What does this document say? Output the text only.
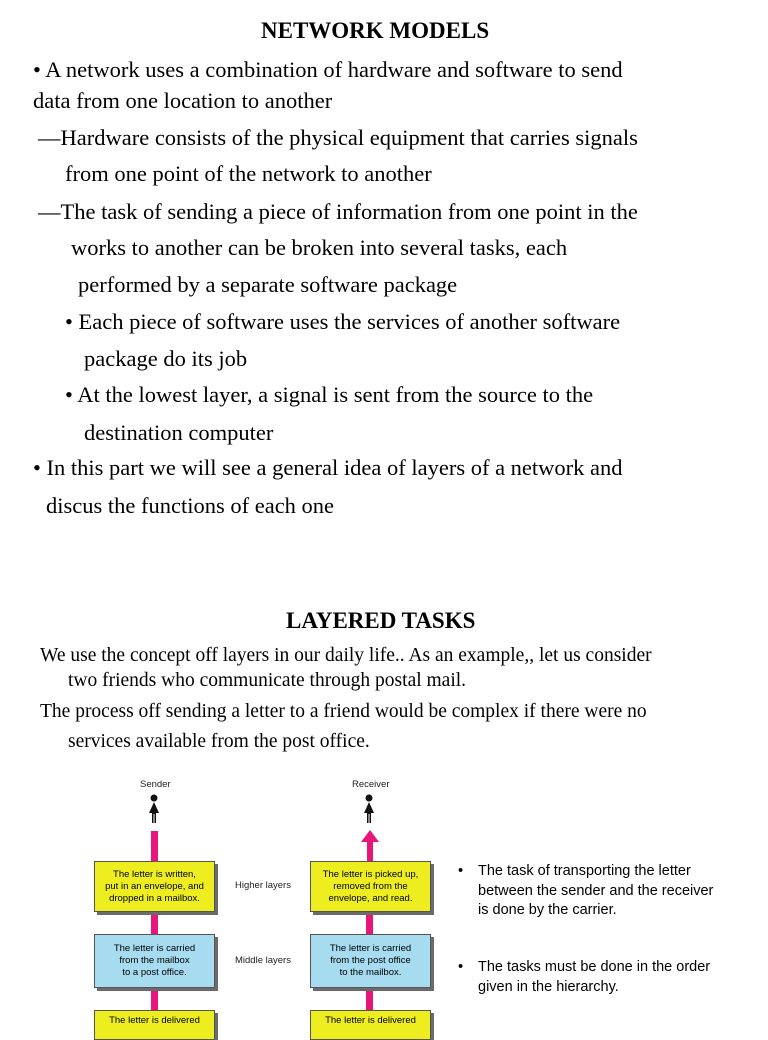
NETWORK MODELS
• A network uses a combination of hardware and software to send
data from one location to another
—Hardware consists of the physical equipment that carries signals
from one point of the network to another
—The task of sending a piece of information from one point in the
works to another can be broken into several tasks, each
performed by a separate software package
• Each piece of software uses the services of another software
package do its job
• At the lowest layer, a signal is sent from the source to the
destination computer
• In this part we will see a general idea of layers of a network and
discus the functions of each one
LAYERED TASKS
We use the concept off layers in our daily life.. As an example,, let us consider
two friends who communicate through postal mail.
The process off sending a letter to a friend would be complex if there were no
services available from the post office.
Sender	Receiver
The letter is written,
put in an envelope, and
dropped in a mailbox.
Higher layers
The letter is picked up,
removed from the
envelope, and read.
The letter is carried
from the mailbox
to a post office.
Middle layers
The letter is carried
from the post office
to the mailbox.
The letter is delivered	The letter is delivered
• The task of transporting the letter between the sender and the receiver is done by the carrier.
• The tasks must be done in the order given in the hierarchy.
